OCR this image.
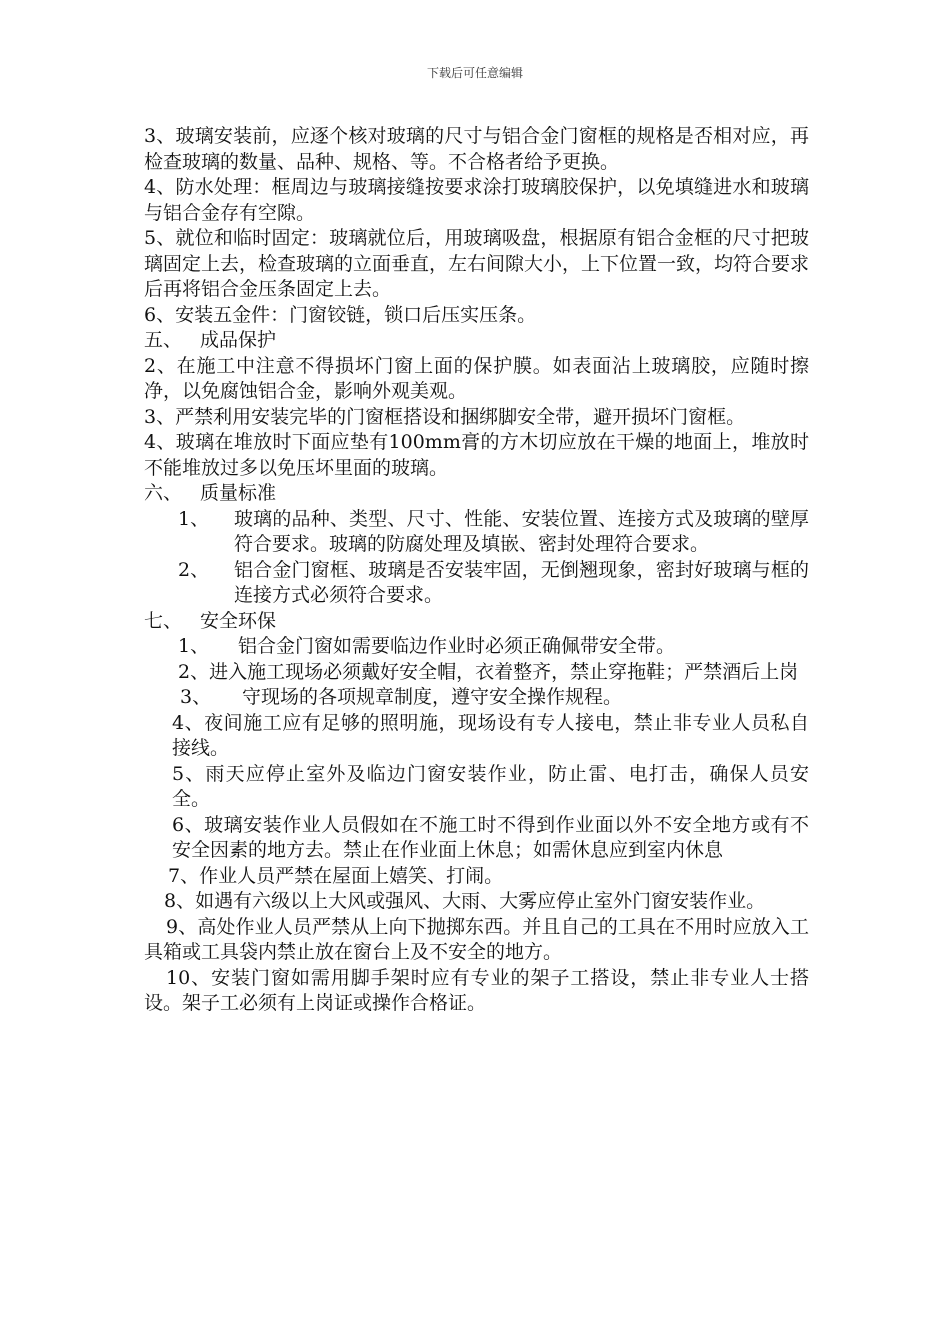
下载后可任意编辑

3、玻璃安装前，应逐个核对玻璃的尺寸与铝合金门窗框的规格是否相对应，再检查玻璃的数量、品种、规格、等。不合格者给予更换。

4、防水处理：框周边与玻璃接缝按要求涂打玻璃胶保护，以免填缝进水和玻璃与铝合金存有空隙。

5、就位和临时固定：玻璃就位后，用玻璃吸盘，根据原有铝合金框的尺寸把玻璃固定上去，检查玻璃的立面垂直，左右间隙大小，上下位置一致，均符合要求后再将铝合金压条固定上去。

6、安装五金件：门窗铰链，锁口后压实压条。

五、 成品保护

2、在施工中注意不得损坏门窗上面的保护膜。如表面沾上玻璃胶，应随时擦净，以免腐蚀铝合金，影响外观美观。

3、严禁利用安装完毕的门窗框搭设和捆绑脚安全带，避开损坏门窗框。

4、玻璃在堆放时下面应垫有100mm膏的方木切应放在干燥的地面上，堆放时不能堆放过多以免压坏里面的玻璃。

六、 质量标准

1、	玻璃的品种、类型、尺寸、性能、安装位置、连接方式及玻璃的壁厚符合要求。玻璃的防腐处理及填嵌、密封处理符合要求。
2、	铝合金门窗框、玻璃是否安装牢固，无倒翘现象，密封好玻璃与框的连接方式必须符合要求。

七、 安全环保

1、	铝合金门窗如需要临边作业时必须正确佩带安全带。

2、进入施工现场必须戴好安全帽，衣着整齐，禁止穿拖鞋；严禁酒后上岗

3、	守现场的各项规章制度，遵守安全操作规程。

4、夜间施工应有足够的照明施，现场设有专人接电，禁止非专业人员私自接线。

5、雨天应停止室外及临边门窗安装作业，防止雷、电打击，确保人员安全。

6、玻璃安装作业人员假如在不施工时不得到作业面以外不安全地方或有不安全因素的地方去。禁止在作业面上休息；如需休息应到室内休息

7、作业人员严禁在屋面上嬉笑、打闹。

8、如遇有六级以上大风或强风、大雨、大雾应停止室外门窗安装作业。

9、高处作业人员严禁从上向下抛掷东西。并且自己的工具在不用时应放入工具箱或工具袋内禁止放在窗台上及不安全的地方。

10、安装门窗如需用脚手架时应有专业的架子工搭设，禁止非专业人士搭设。架子工必须有上岗证或操作合格证。
